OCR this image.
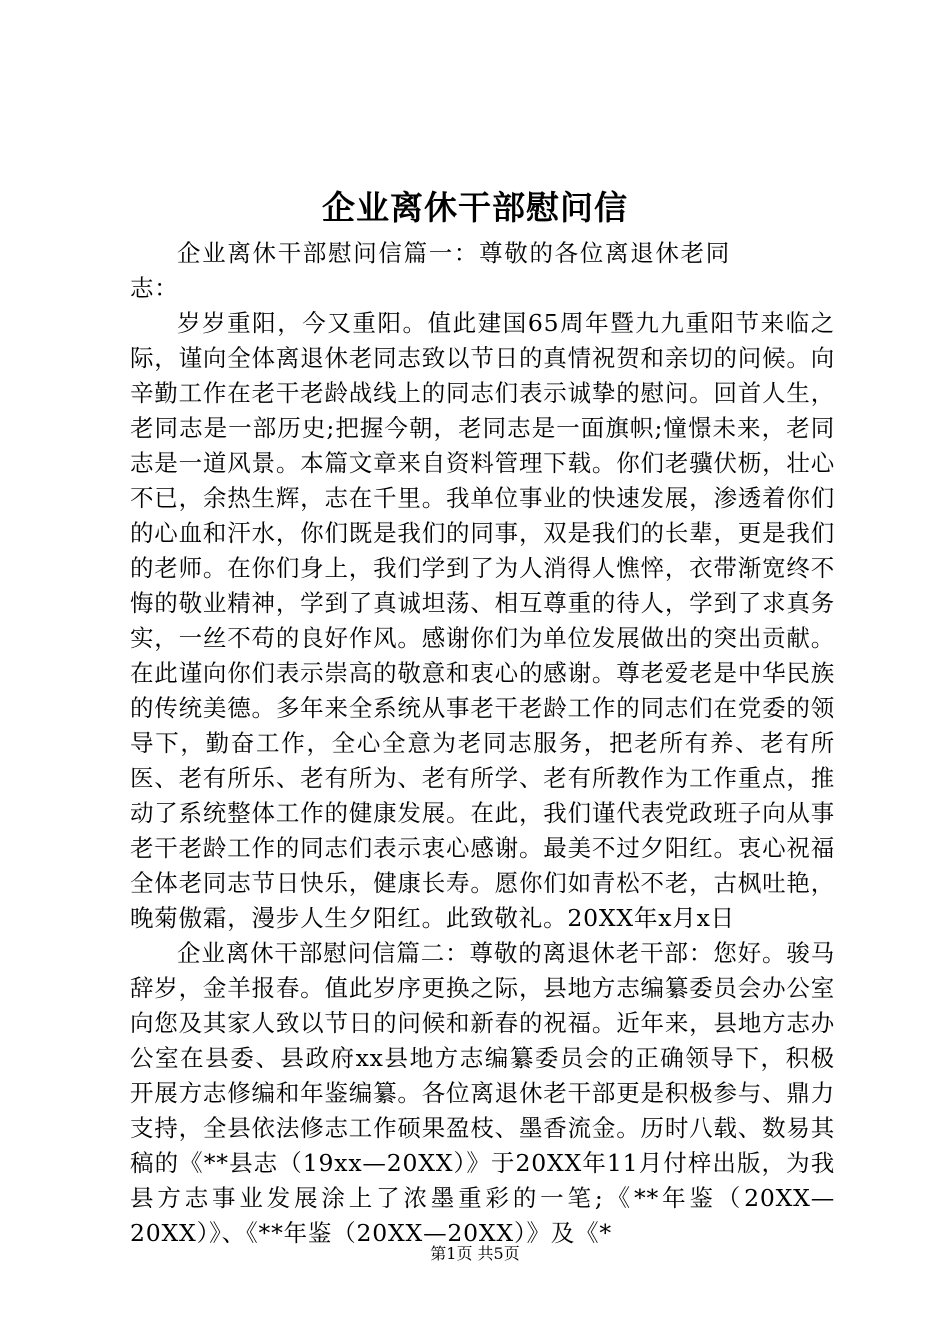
企业离休干部慰问信

企业离休干部慰问信篇一：尊敬的各位离退休老同志：

岁岁重阳，今又重阳。值此建国65周年暨九九重阳节来临之际，谨向全体离退休老同志致以节日的真情祝贺和亲切的问候。向辛勤工作在老干老龄战线上的同志们表示诚挚的慰问。回首人生，老同志是一部历史;把握今朝，老同志是一面旗帜;憧憬未来，老同志是一道风景。本篇文章来自资料管理下载。你们老骥伏枥，壮心不已，余热生辉，志在千里。我单位事业的快速发展，渗透着你们的心血和汗水，你们既是我们的同事，双是我们的长辈，更是我们的老师。在你们身上，我们学到了为人消得人憔悴，衣带渐宽终不悔的敬业精神，学到了真诚坦荡、相互尊重的待人，学到了求真务实，一丝不苟的良好作风。感谢你们为单位发展做出的突出贡献。在此谨向你们表示崇高的敬意和衷心的感谢。尊老爱老是中华民族的传统美德。多年来全系统从事老干老龄工作的同志们在党委的领导下，勤奋工作，全心全意为老同志服务，把老所有养、老有所医、老有所乐、老有所为、老有所学、老有所教作为工作重点，推动了系统整体工作的健康发展。在此，我们谨代表党政班子向从事老干老龄工作的同志们表示衷心感谢。最美不过夕阳红。衷心祝福全体老同志节日快乐，健康长寿。愿你们如青松不老，古枫吐艳，晚菊傲霜，漫步人生夕阳红。此致敬礼。20XX年x月x日

企业离休干部慰问信篇二：尊敬的离退休老干部：您好。骏马辞岁，金羊报春。值此岁序更换之际，县地方志编纂委员会办公室向您及其家人致以节日的问候和新春的祝福。近年来，县地方志办公室在县委、县政府xx县地方志编纂委员会的正确领导下，积极开展方志修编和年鉴编纂。各位离退休老干部更是积极参与、鼎力支持，全县依法修志工作硕果盈枝、墨香流金。历时八载、数易其稿的《**县志（19xx—20XX）》于20XX年11月付梓出版，为我县方志事业发展涂上了浓墨重彩的一笔;《**年鉴（20XX—20XX）》、《**年鉴（20XX—20XX）》及《*

第1页 共5页
